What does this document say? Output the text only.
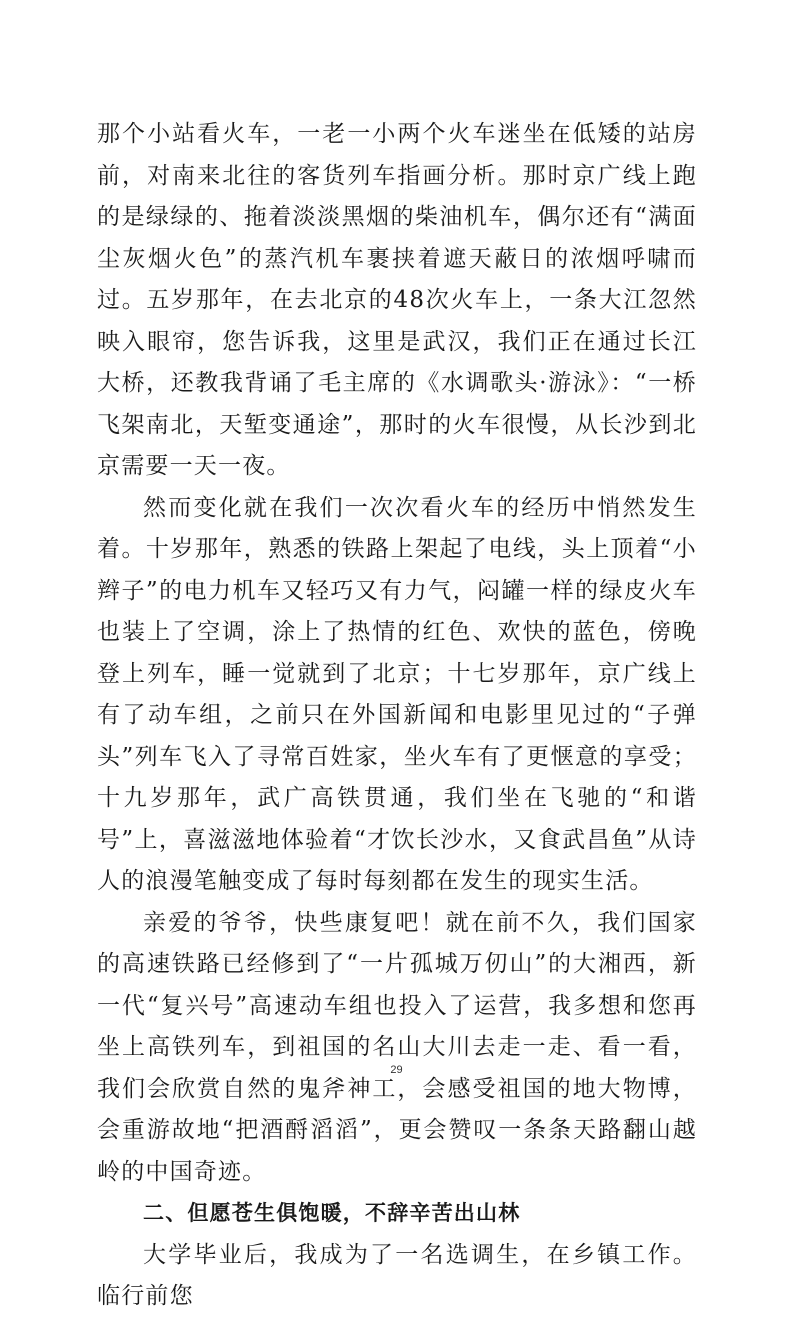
那个小站看火车，一老一小两个火车迷坐在低矮的站房前，对南来北往的客货列车指画分析。那时京广线上跑的是绿绿的、拖着淡淡黑烟的柴油机车，偶尔还有“满面尘灰烟火色”的蒸汽机车裹挟着遮天蔽日的浓烟呼啸而过。五岁那年，在去北京的48次火车上，一条大江忽然映入眼帘，您告诉我，这里是武汉，我们正在通过长江大桥，还教我背诵了毛主席的《水调歌头·游泳》：“一桥飞架南北，天堑变通途”，那时的火车很慢，从长沙到北京需要一天一夜。

然而变化就在我们一次次看火车的经历中悄然发生着。十岁那年，熟悉的铁路上架起了电线，头上顶着“小辫子”的电力机车又轻巧又有力气，闷罐一样的绿皮火车也装上了空调，涂上了热情的红色、欢快的蓝色，傍晚登上列车，睡一觉就到了北京；十七岁那年，京广线上有了动车组，之前只在外国新闻和电影里见过的“子弹头”列车飞入了寻常百姓家，坐火车有了更惬意的享受；十九岁那年，武广高铁贯通，我们坐在飞驰的“和谐号”上，喜滋滋地体验着“才饮长沙水，又食武昌鱼”从诗人的浪漫笔触变成了每时每刻都在发生的现实生活。

亲爱的爷爷，快些康复吧！就在前不久，我们国家的高速铁路已经修到了“一片孤城万仞山”的大湘西，新一代“复兴号”高速动车组也投入了运营，我多想和您再坐上高铁列车，到祖国的名山大川去走一走、看一看，我们会欣赏自然的鬼斧神工，会感受祖国的地大物博，会重游故地“把酒酹滔滔”，更会赞叹一条条天路翻山越岭的中国奇迹。

二、但愿苍生俱饱暖，不辞辛苦出山林

大学毕业后，我成为了一名选调生，在乡镇工作。临行前您

29
